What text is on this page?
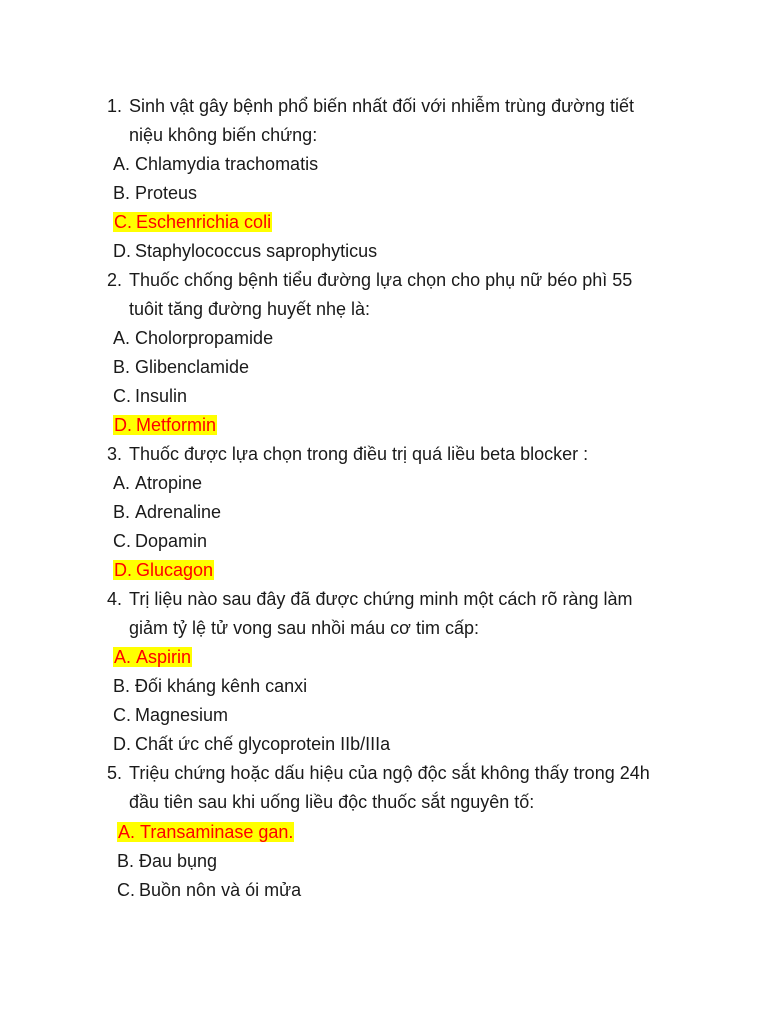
1. Sinh vật gây bệnh phổ biến nhất đối với nhiễm trùng đường tiết
niệu không biến chứng:
A. Chlamydia trachomatis
B. Proteus
C. Eschenrichia coli
D. Staphylococcus saprophyticus
2. Thuốc chống bệnh tiểu đường lựa chọn cho phụ nữ béo phì 55
tuôit tăng đường huyết nhẹ là:
A. Cholorpropamide
B. Glibenclamide
C. Insulin
D. Metformin
3. Thuốc được lựa chọn trong điều trị quá liều beta blocker :
A. Atropine
B. Adrenaline
C. Dopamin
D. Glucagon
4. Trị liệu nào sau đây đã được chứng minh một cách rõ ràng làm
giảm tỷ lệ tử vong sau nhồi máu cơ tim cấp:
A. Aspirin
B. Đối kháng kênh canxi
C. Magnesium
D. Chất ức chế glycoprotein IIb/IIIa
5. Triệu chứng hoặc dấu hiệu của ngộ độc sắt không thấy trong 24h
đầu tiên sau khi uống liều độc thuốc sắt nguyên tố:
A. Transaminase gan.
B. Đau bụng
C. Buồn nôn và ói mửa
